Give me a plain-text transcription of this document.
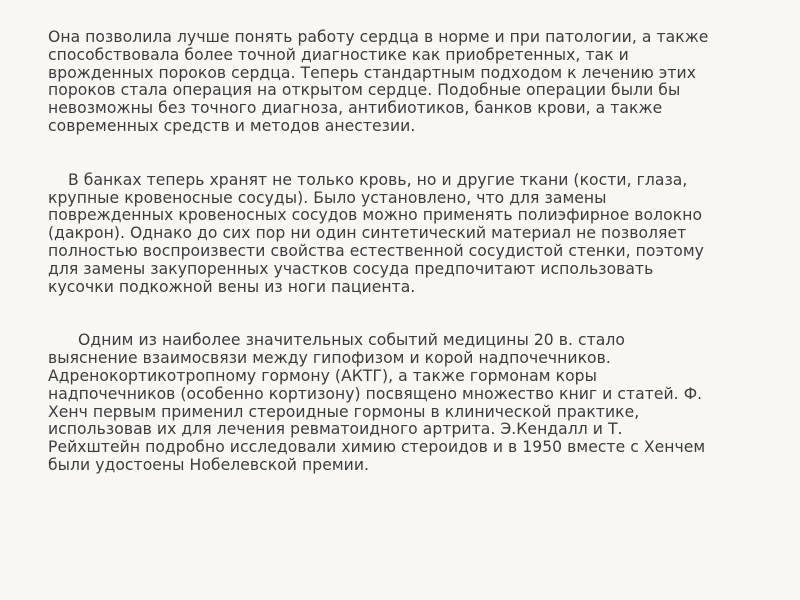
Она позволила лучше понять работу сердца в норме и при патологии, а также
способствовала более точной диагностике как приобретенных, так и
врожденных пороков сердца. Теперь стандартным подходом к лечению этих
пороков стала операция на открытом сердце. Подобные операции были бы
невозможны без точного диагноза, антибиотиков, банков крови, а также
современных средств и методов анестезии.

В банках теперь хранят не только кровь, но и другие ткани (кости, глаза,
крупные кровеносные сосуды). Было установлено, что для замены
поврежденных кровеносных сосудов можно применять полиэфирное волокно
(дакрон). Однако до сих пор ни один синтетический материал не позволяет
полностью воспроизвести свойства естественной сосудистой стенки, поэтому
для замены закупоренных участков сосуда предпочитают использовать
кусочки подкожной вены из ноги пациента.

Одним из наиболее значительных событий медицины 20 в. стало
выяснение взаимосвязи между гипофизом и корой надпочечников.
Адренокортикотропному гормону (АКТГ), а также гормонам коры
надпочечников (особенно кортизону) посвящено множество книг и статей. Ф.
Хенч первым применил стероидные гормоны в клинической практике,
использовав их для лечения ревматоидного артрита. Э.Кендалл и Т.
Рейхштейн подробно исследовали химию стероидов и в 1950 вместе с Хенчем
были удостоены Нобелевской премии.
